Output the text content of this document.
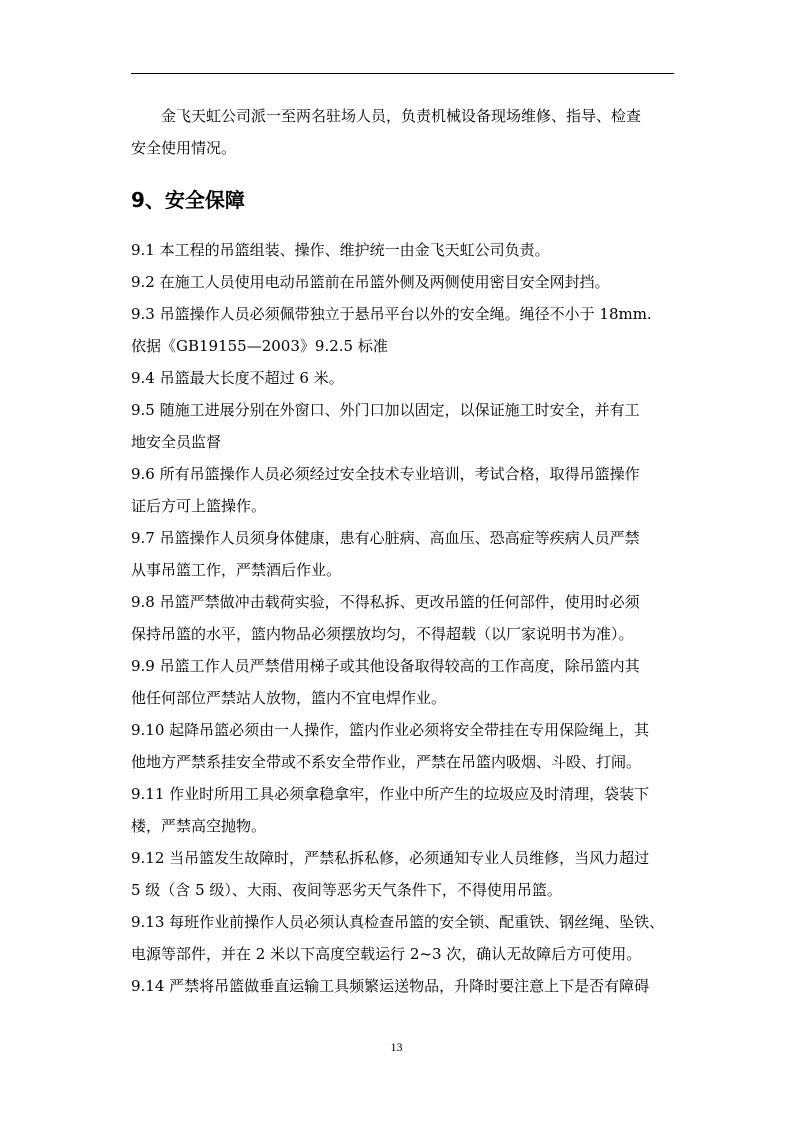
金飞天虹公司派一至两名驻场人员，负责机械设备现场维修、指导、检查

安全使用情况。

9、安全保障

9.1 本工程的吊篮组装、操作、维护统一由金飞天虹公司负责。

9.2 在施工人员使用电动吊篮前在吊篮外侧及两侧使用密目安全网封挡。

9.3 吊篮操作人员必须佩带独立于悬吊平台以外的安全绳。绳径不小于 18mm.

依据《GB19155—2003》9.2.5 标准

9.4 吊篮最大长度不超过 6 米。

9.5 随施工进展分别在外窗口、外门口加以固定，以保证施工时安全，并有工

地安全员监督

9.6 所有吊篮操作人员必须经过安全技术专业培训，考试合格，取得吊篮操作

证后方可上篮操作。

9.7 吊篮操作人员须身体健康，患有心脏病、高血压、恐高症等疾病人员严禁

从事吊篮工作，严禁酒后作业。

9.8 吊篮严禁做冲击载荷实验，不得私拆、更改吊篮的任何部件，使用时必须

保持吊篮的水平，篮内物品必须摆放均匀，不得超载（以厂家说明书为准）。

9.9 吊篮工作人员严禁借用梯子或其他设备取得较高的工作高度，除吊篮内其

他任何部位严禁站人放物，篮内不宜电焊作业。

9.10 起降吊篮必须由一人操作，篮内作业必须将安全带挂在专用保险绳上，其

他地方严禁系挂安全带或不系安全带作业，严禁在吊篮内吸烟、斗殴、打闹。

9.11 作业时所用工具必须拿稳拿牢，作业中所产生的垃圾应及时清理，袋装下

楼，严禁高空抛物。

9.12 当吊篮发生故障时，严禁私拆私修，必须通知专业人员维修，当风力超过

5 级（含 5 级）、大雨、夜间等恶劣天气条件下，不得使用吊篮。

9.13 每班作业前操作人员必须认真检查吊篮的安全锁、配重铁、钢丝绳、坠铁、

电源等部件，并在 2 米以下高度空载运行 2~3 次，确认无故障后方可使用。

9.14 严禁将吊篮做垂直运输工具频繁运送物品，升降时要注意上下是否有障碍

13
